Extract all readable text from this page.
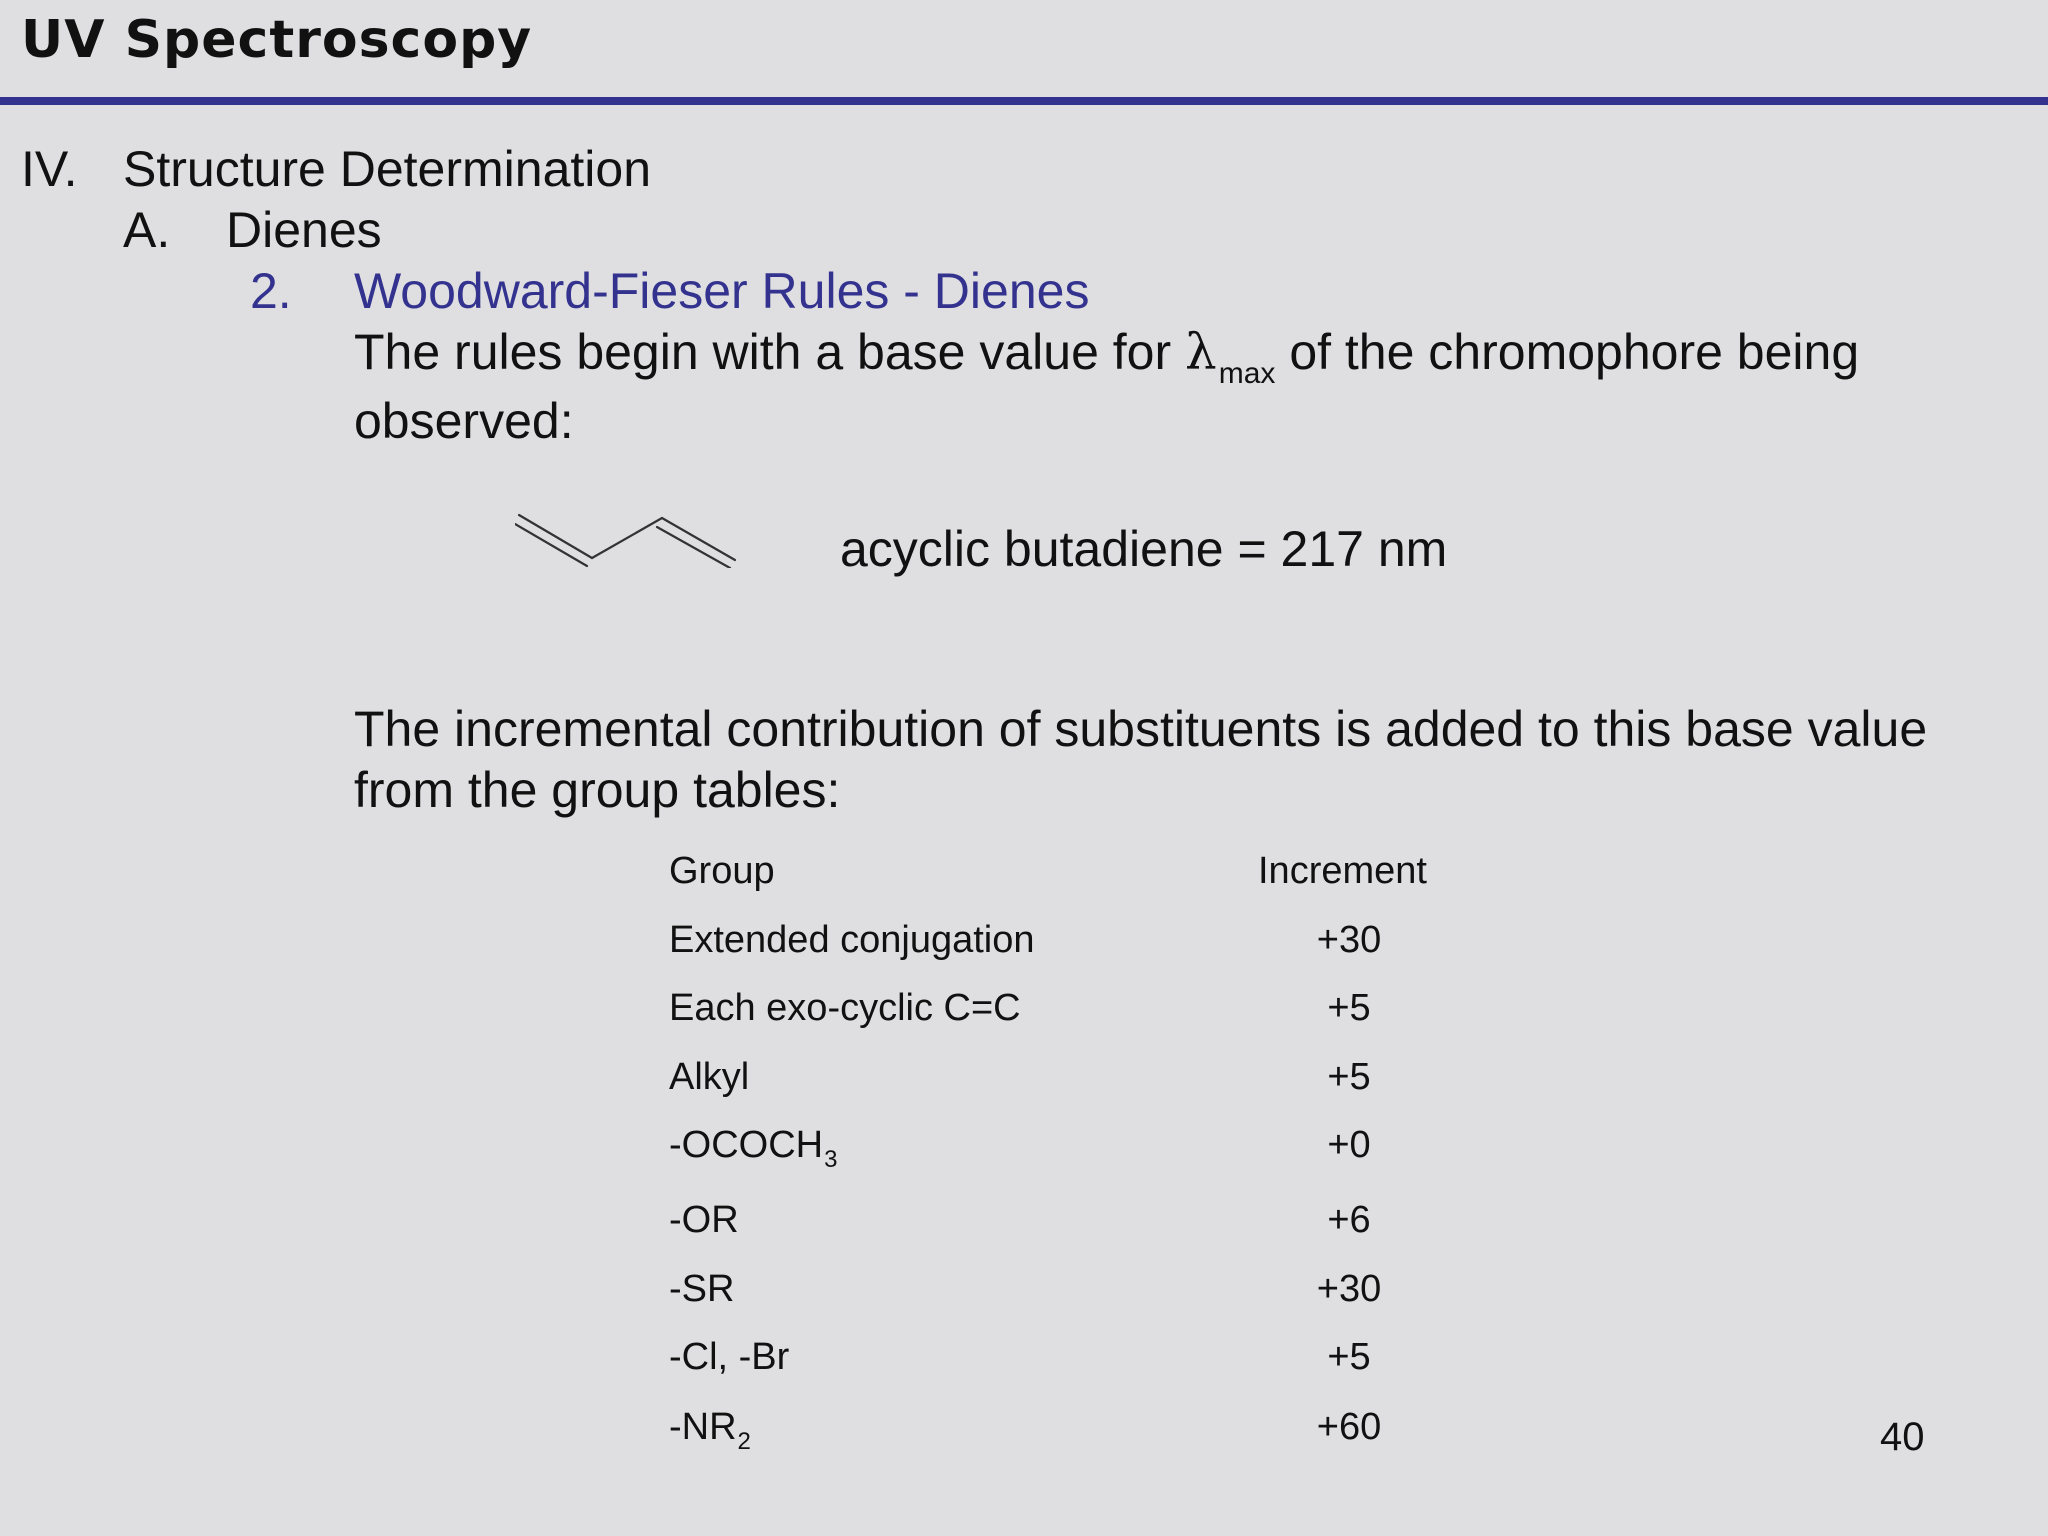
UV Spectroscopy
IV. Structure Determination
A. Dienes
2. Woodward-Fieser Rules - Dienes
The rules begin with a base value for $\lambda_{max}$ of the chromophore being
observed:
acyclic butadiene = 217 nm
The incremental contribution of substituents is added to this base value
from the group tables:
Group	Increment
Extended conjugation	+30
Each exo-cyclic C=C	+5
Alkyl	+5
$-OCOCH_3$	+0
-OR	+6
-SR	+30
-Cl, -Br	+5
$-NR_2$	+60	40
